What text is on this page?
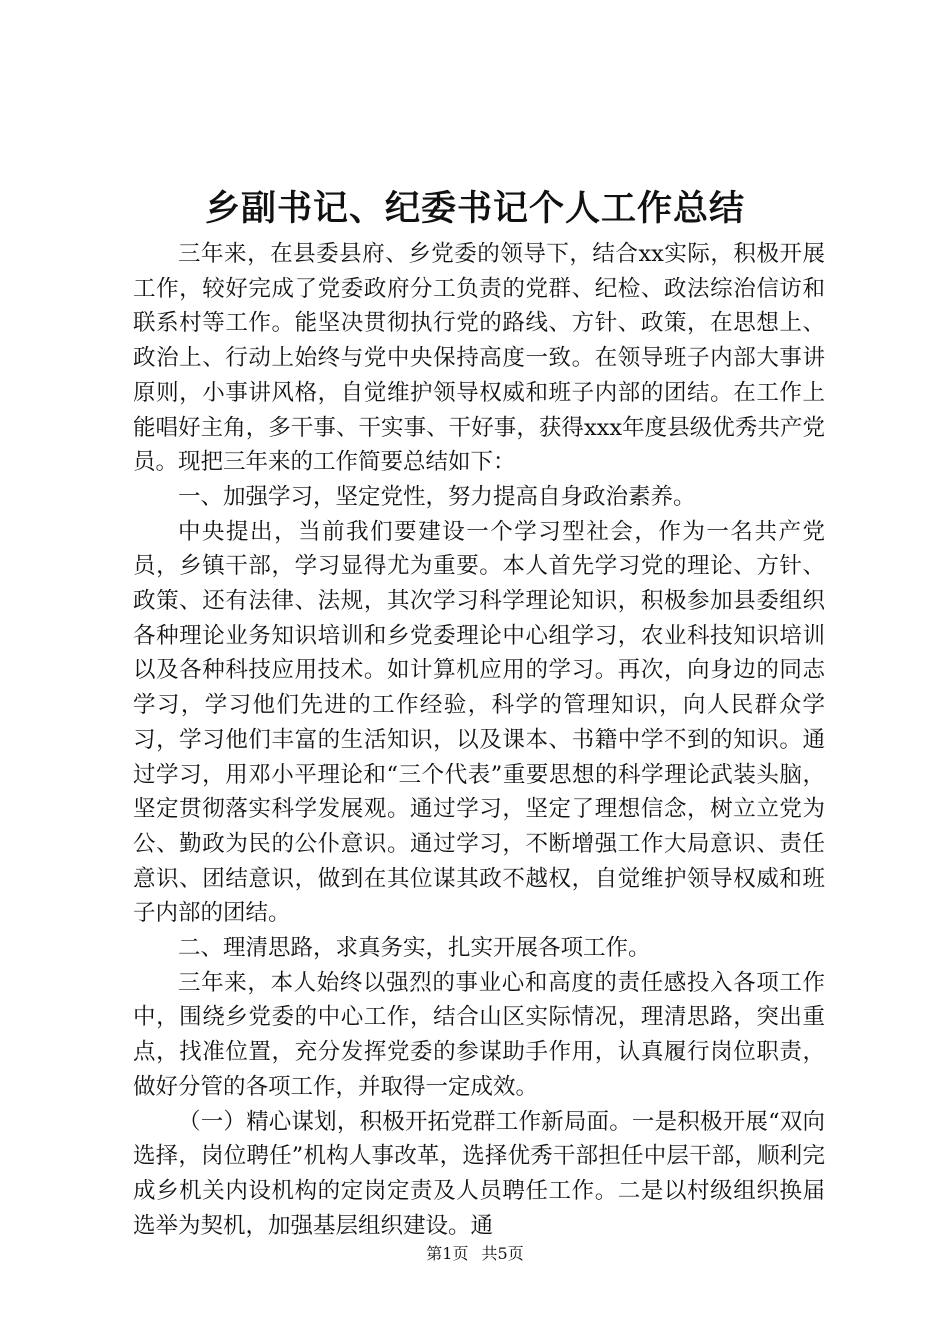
乡副书记、纪委书记个人工作总结

三年来，在县委县府、乡党委的领导下，结合xx实际，积极开展工作，较好完成了党委政府分工负责的党群、纪检、政法综治信访和联系村等工作。能坚决贯彻执行党的路线、方针、政策，在思想上、政治上、行动上始终与党中央保持高度一致。在领导班子内部大事讲原则，小事讲风格，自觉维护领导权威和班子内部的团结。在工作上能唱好主角，多干事、干实事、干好事，获得xxx年度县级优秀共产党员。现把三年来的工作简要总结如下：

一、加强学习，坚定党性，努力提高自身政治素养。

中央提出，当前我们要建设一个学习型社会，作为一名共产党员，乡镇干部，学习显得尤为重要。本人首先学习党的理论、方针、政策、还有法律、法规，其次学习科学理论知识，积极参加县委组织各种理论业务知识培训和乡党委理论中心组学习，农业科技知识培训以及各种科技应用技术。如计算机应用的学习。再次，向身边的同志学习，学习他们先进的工作经验，科学的管理知识，向人民群众学习，学习他们丰富的生活知识，以及课本、书籍中学不到的知识。通过学习，用邓小平理论和“三个代表”重要思想的科学理论武装头脑，坚定贯彻落实科学发展观。通过学习，坚定了理想信念，树立立党为公、勤政为民的公仆意识。通过学习，不断增强工作大局意识、责任意识、团结意识，做到在其位谋其政不越权，自觉维护领导权威和班子内部的团结。

二、理清思路，求真务实，扎实开展各项工作。

三年来，本人始终以强烈的事业心和高度的责任感投入各项工作中，围绕乡党委的中心工作，结合山区实际情况，理清思路，突出重点，找准位置，充分发挥党委的参谋助手作用，认真履行岗位职责，做好分管的各项工作，并取得一定成效。

（一）精心谋划，积极开拓党群工作新局面。一是积极开展“双向选择，岗位聘任”机构人事改革，选择优秀干部担任中层干部，顺利完成乡机关内设机构的定岗定责及人员聘任工作。二是以村级组织换届选举为契机，加强基层组织建设。通

第1页 共5页
